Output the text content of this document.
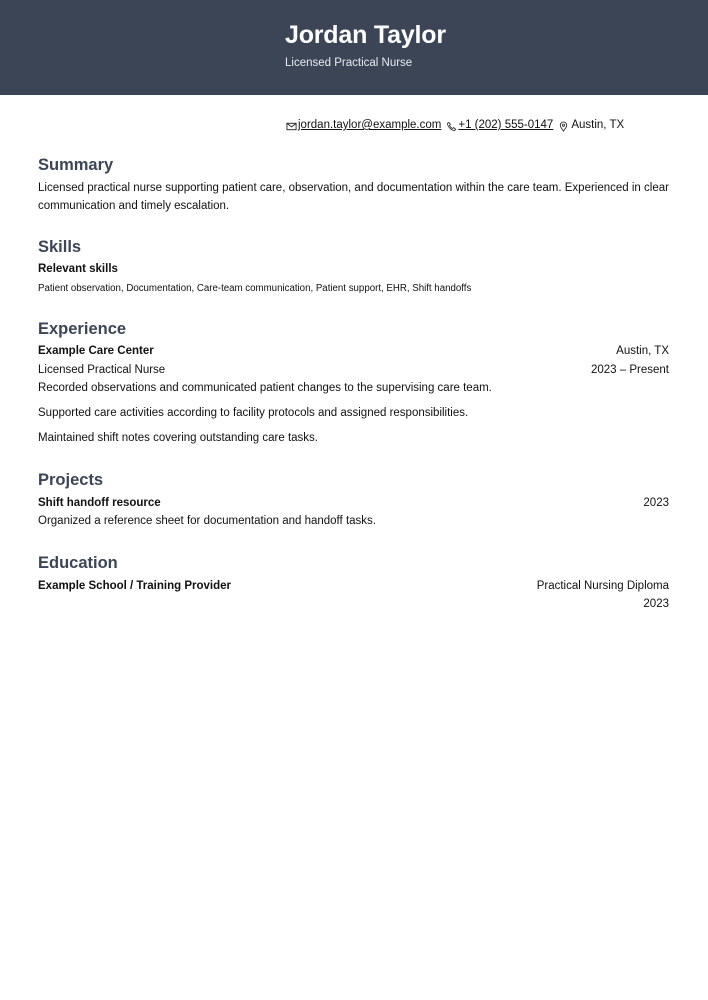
Jordan Taylor
Licensed Practical Nurse
jordan.taylor@example.com +1 (202) 555-0147 Austin, TX
Summary
Licensed practical nurse supporting patient care, observation, and documentation within the care team. Experienced in clear communication and timely escalation.
Skills
Relevant skills
Patient observation, Documentation, Care-team communication, Patient support, EHR, Shift handoffs
Experience
Example Care Center	Austin, TX
Licensed Practical Nurse	2023 – Present
Recorded observations and communicated patient changes to the supervising care team.
Supported care activities according to facility protocols and assigned responsibilities.
Maintained shift notes covering outstanding care tasks.
Projects
Shift handoff resource	2023
Organized a reference sheet for documentation and handoff tasks.
Education
Example School / Training Provider	Practical Nursing Diploma
2023
